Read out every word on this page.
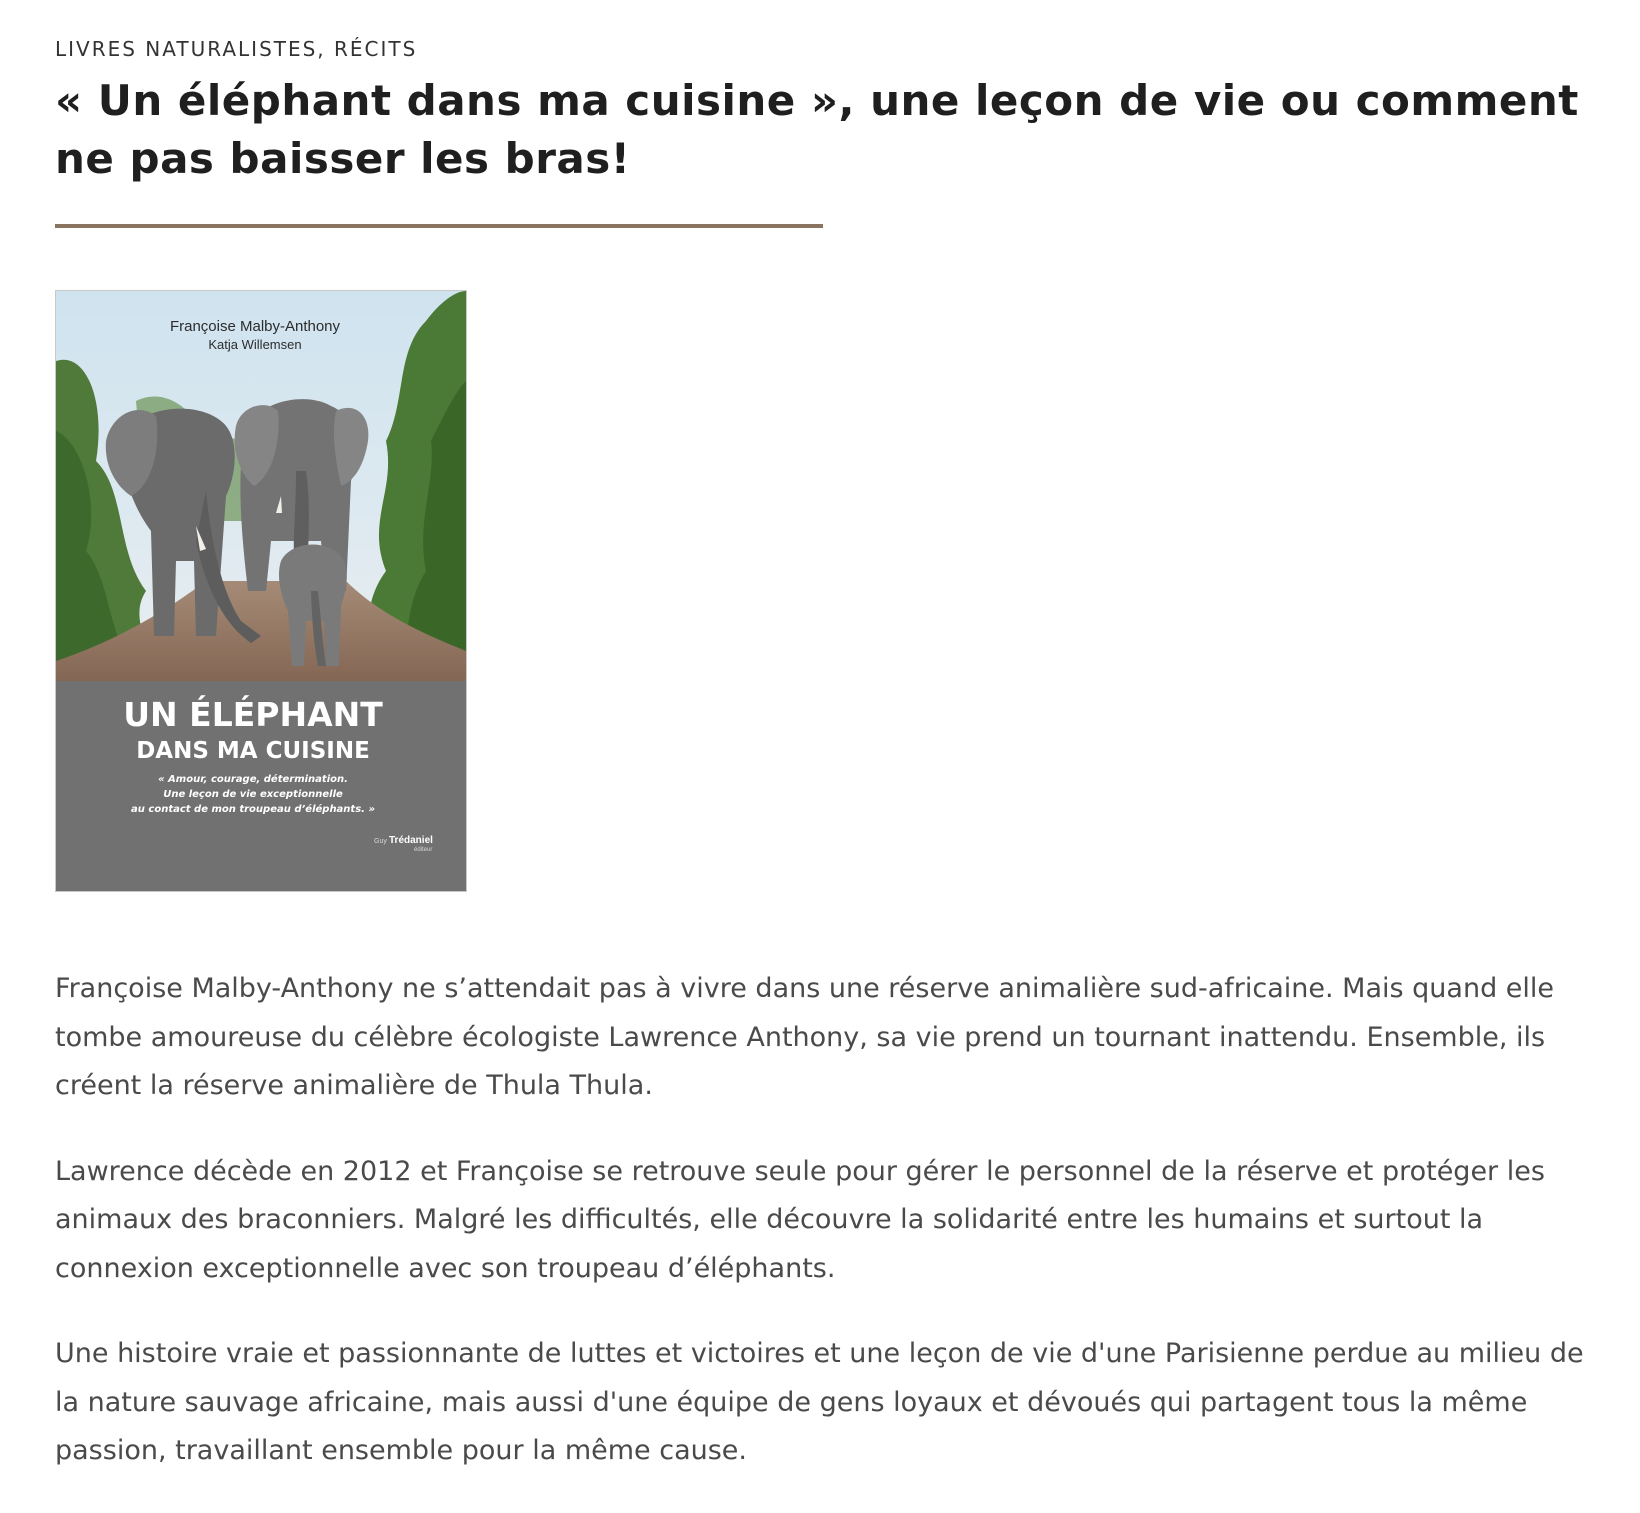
LIVRES NATURALISTES, RÉCITS

« Un éléphant dans ma cuisine », une leçon de vie ou comment ne pas baisser les bras!
Françoise Malby-Anthony
Katja Willemsen
UN ÉLÉPHANT
DANS MA CUISINE
« Amour, courage, détermination.
Une leçon de vie exceptionnelle
au contact de mon troupeau d’éléphants. »
Guy Trédaniel
éditeur

Françoise Malby-Anthony ne s’attendait pas à vivre dans une réserve animalière sud-africaine. Mais quand elle tombe amoureuse du célèbre écologiste Lawrence Anthony, sa vie prend un tournant inattendu. Ensemble, ils créent la réserve animalière de Thula Thula.

Lawrence décède en 2012 et Françoise se retrouve seule pour gérer le personnel de la réserve et protéger les animaux des braconniers. Malgré les difficultés, elle découvre la solidarité entre les humains et surtout la connexion exceptionnelle avec son troupeau d’éléphants.

Une histoire vraie et passionnante de luttes et victoires et une leçon de vie d'une Parisienne perdue au milieu de la nature sauvage africaine, mais aussi d'une équipe de gens loyaux et dévoués qui partagent tous la même passion, travaillant ensemble pour la même cause.
